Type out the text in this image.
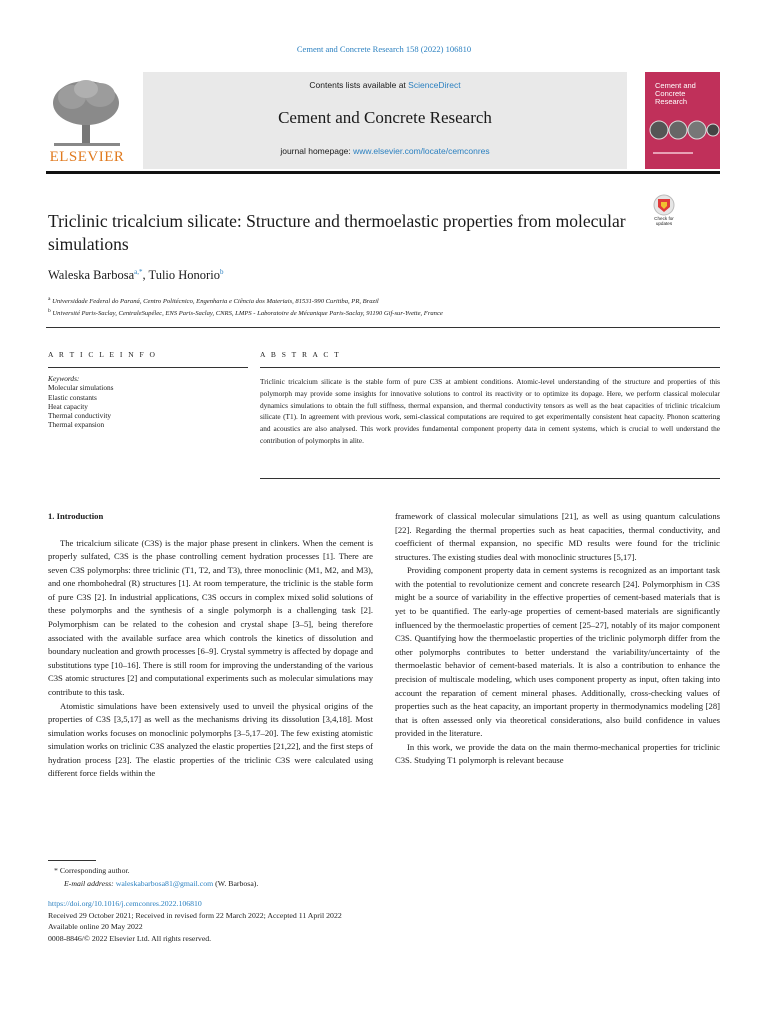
Cement and Concrete Research 158 (2022) 106810
ELSEVIER
Contents lists available at ScienceDirect
Cement and Concrete Research
journal homepage: www.elsevier.com/locate/cemconres
Cement and
Concrete
Research
Check for
updates
Triclinic tricalcium silicate: Structure and thermoelastic properties from molecular simulations
Waleska Barbosa$^{a,*}$, Tulio Honorio$^b$
$^a$ Universidade Federal do Paraná, Centro Politécnico, Engenharia e Ciência dos Materiais, 81531-990 Curitiba, PR, Brazil
$^b$ Université Paris-Saclay, CentraleSupélec, ENS Paris-Saclay, CNRS, LMPS - Laboratoire de Mécanique Paris-Saclay, 91190 Gif-sur-Yvette, France
A R T I C L E I N F O	A B S T R A C T
Keywords:
Molecular simulations
Elastic constants
Heat capacity
Thermal conductivity
Thermal expansion
Triclinic tricalcium silicate is the stable form of pure C3S at ambient conditions. Atomic-level understanding of the structure and properties of this polymorph may provide some insights for innovative solutions to control its reactivity or to optimize its dopage. Here, we perform classical molecular dynamics simulations to obtain the full stiffness, thermal expansion, and thermal conductivity tensors as well as the heat capacities of triclinic tricalcium silicate (T1). In agreement with previous work, semi-classical computations are required to get experimentally consistent heat capacity. Phonon scattering and acoustics are also analysed. This work provides fundamental component property data in cement systems, which is crucial to well understand the contribution of polymorphs in alite.
1. Introduction

The tricalcium silicate (C3S) is the major phase present in clinkers. When the cement is properly sulfated, C3S is the phase controlling cement hydration processes [1]. There are seven C3S polymorphs: three triclinic (T1, T2, and T3), three monoclinic (M1, M2, and M3), and one rhombohedral (R) structures [1]. At room temperature, the triclinic is the stable form of pure C3S [2]. In industrial applications, C3S occurs in complex mixed solid solutions of these polymorphs and the synthesis of a single polymorph is a challenging task [2]. Polymorphism can be related to the cohesion and crystal shape [3–5], being therefore associated with the available surface area which controls the kinetics of dissolution and boundary nucleation and growth processes [6–9]. Crystal symmetry is affected by dopage and substitutions type [10–16]. There is still room for improving the understanding of the various C3S atomic structures [2] and computational experiments such as molecular simulations may contribute to this task.

Atomistic simulations have been extensively used to unveil the physical origins of the properties of C3S [3,5,17] as well as the mechanisms driving its dissolution [3,4,18]. Most simulation works focuses on monoclinic polymorphs [3–5,17–20]. The few existing atomistic simulation works on triclinic C3S analyzed the elastic properties [21,22], and the first steps of hydration process [23]. The elastic properties of the triclinic C3S were calculated using different force fields within the

framework of classical molecular simulations [21], as well as using quantum calculations [22]. Regarding the thermal properties such as heat capacities, thermal conductivity, and coefficient of thermal expansion, no specific MD results were found for the triclinic structures. The existing studies deal with monoclinic structures [5,17].

Providing component property data in cement systems is recognized as an important task with the potential to revolutionize cement and concrete research [24]. Polymorphism in C3S might be a source of variability in the effective properties of cement-based materials that is yet to be quantified. The early-age properties of cement-based materials are significantly influenced by the thermoelastic properties of cement [25–27], notably of its major component C3S. Quantifying how the thermoelastic properties of the triclinic polymorph differ from the other polymorphs contributes to better understand the variability/uncertainty of the thermoelastic behavior of cement-based materials. It is also a contribution to enhance the precision of multiscale modeling, which uses component property as input, often taking into account the reparation of cement mineral phases. Additionally, cross-checking values of properties such as the heat capacity, an important property in thermodynamics modeling [28] that is often assessed only via theoretical considerations, also build confidence in values provided in the literature.

In this work, we provide the data on the main thermo-mechanical properties for triclinic C3S. Studying T1 polymorph is relevant because

* Corresponding author.
E-mail address: waleskabarbosa81@gmail.com (W. Barbosa).
https://doi.org/10.1016/j.cemconres.2022.106810
Received 29 October 2021; Received in revised form 22 March 2022; Accepted 11 April 2022
Available online 20 May 2022
0008-8846/© 2022 Elsevier Ltd. All rights reserved.
